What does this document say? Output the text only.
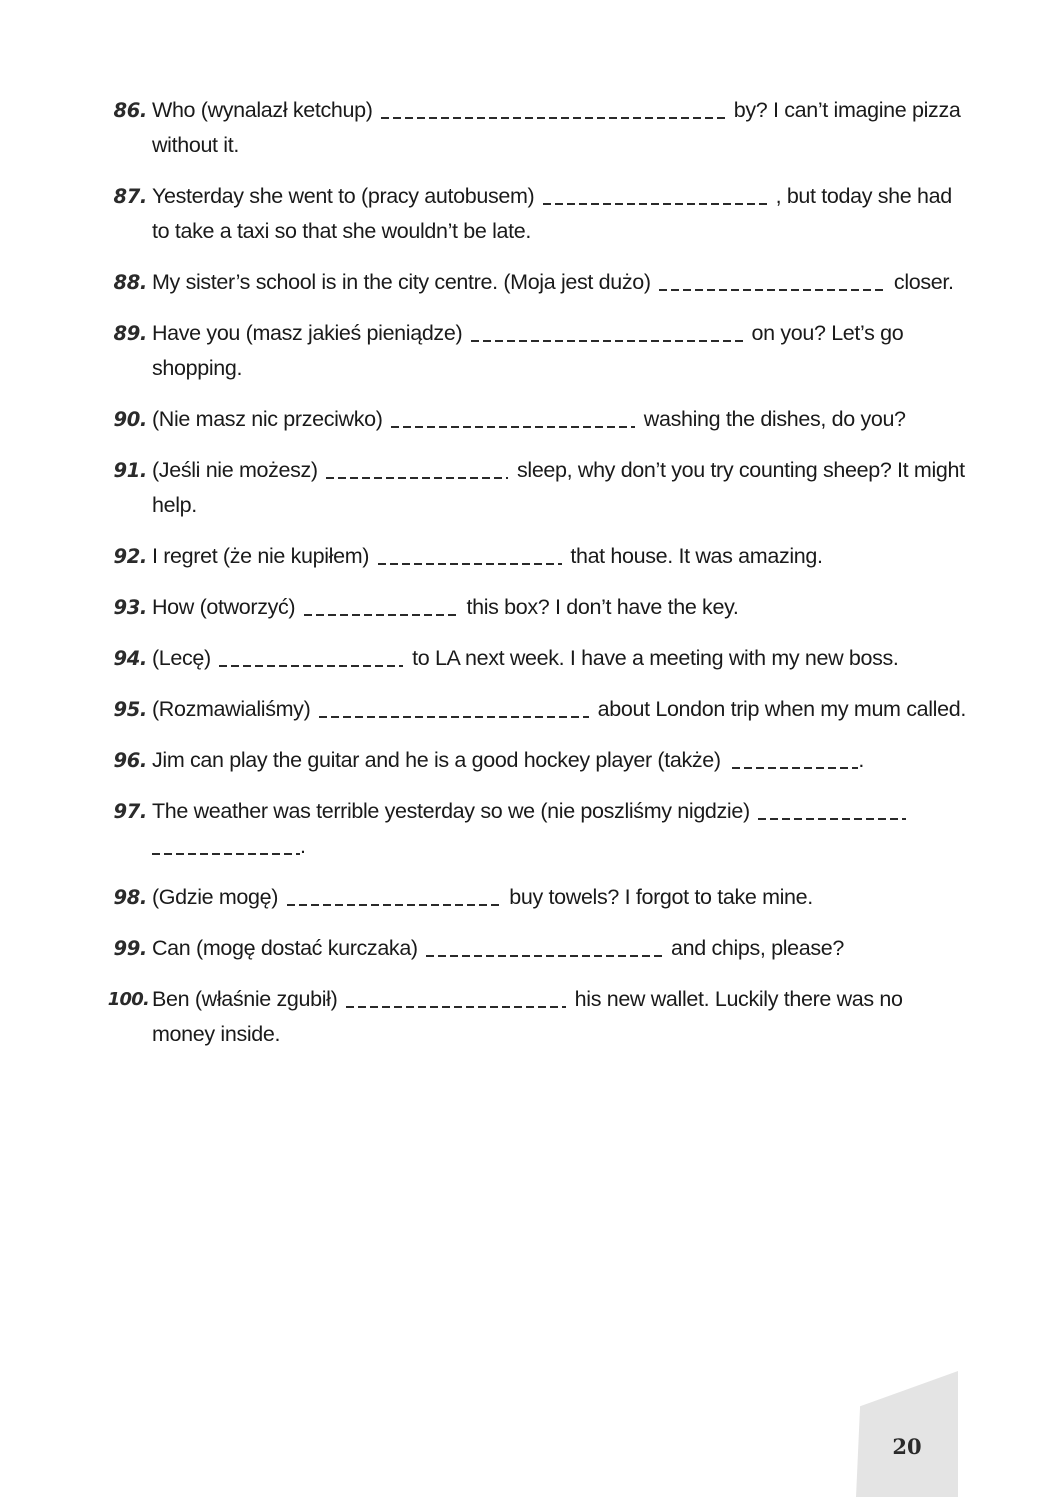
86. Who (wynalazł ketchup)	by? I can’t imagine pizza without it.
87. Yesterday she went to (pracy autobusem)	, but today she had to take a taxi so that she wouldn’t be late.
88. My sister’s school is in the city centre. (Moja jest dużo)	closer.
89. Have you (masz jakieś pieniądze)	on you? Let’s go shopping.
90. (Nie masz nic przeciwko)	washing the dishes, do you?
91. (Jeśli nie możesz)	sleep, why don’t you try counting sheep? It might help.
92. I regret (że nie kupiłem)	that house. It was amazing.
93. How (otworzyć)	this box? I don’t have the key.
94. (Lecę)	to LA next week. I have a meeting with my new boss.
95. (Rozmawialiśmy)	about London trip when my mum called.
96. Jim can play the guitar and he is a good hockey player (także)	.
97. The weather was terrible yesterday so we (nie poszliśmy nigdzie)  .
98. (Gdzie mogę)	buy towels? I forgot to take mine.
99. Can (mogę dostać kurczaka)	and chips, please?
100. Ben (właśnie zgubił)	his new wallet. Luckily there was no money inside.
20
